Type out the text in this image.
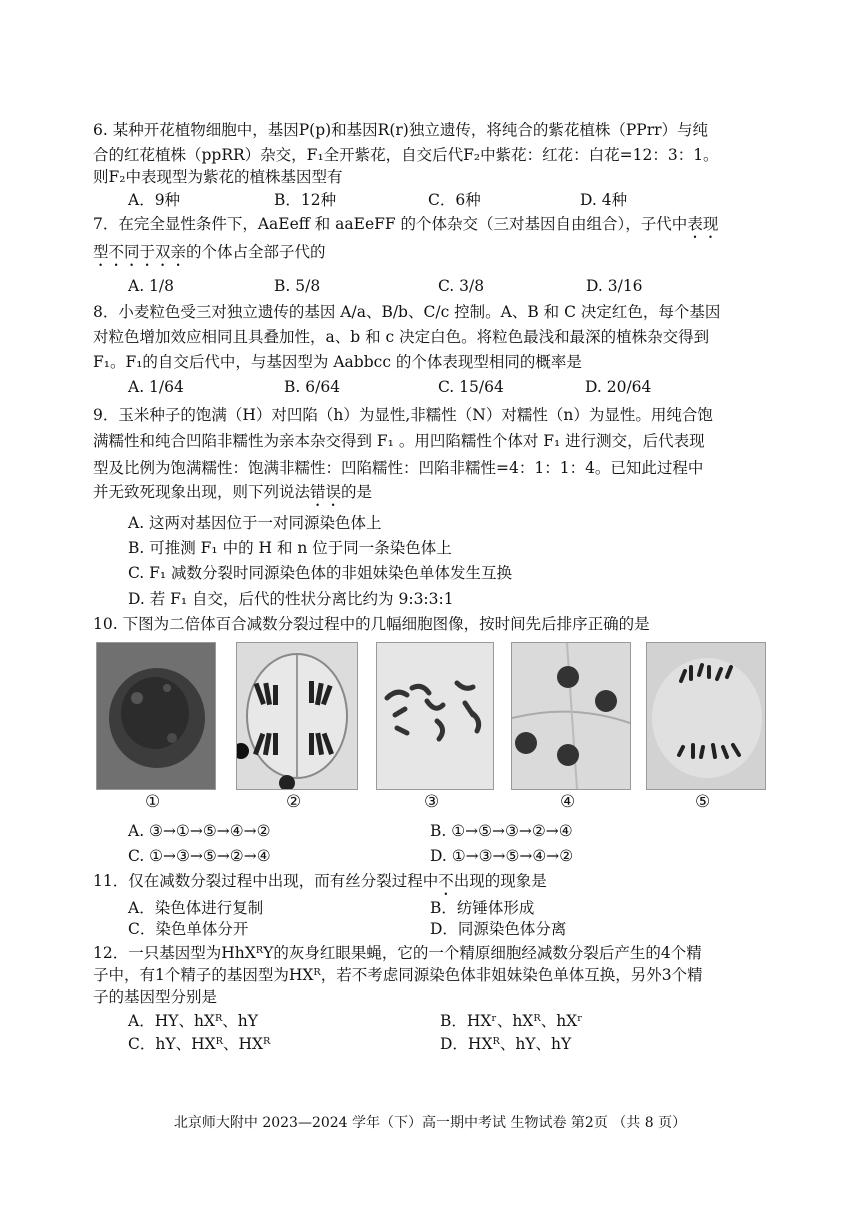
6. 某种开花植物细胞中，基因P(p)和基因R(r)独立遗传，将纯合的紫花植株（PPrr）与纯
合的红花植株（ppRR）杂交，F₁全开紫花，自交后代F₂中紫花：红花：白花=12：3：1。
则F₂中表现型为紫花的植株基因型有
A．9种	B．12种	C．6种	D. 4种
7．在完全显性条件下，AaEeff 和 aaEeFF 的个体杂交（三对基因自由组合），子代中表现
型不同于双亲的个体占全部子代的
A. 1/8	B. 5/8	C. 3/8	D. 3/16
8．小麦粒色受三对独立遗传的基因 A/a、B/b、C/c 控制。A、B 和 C 决定红色，每个基因
对粒色增加效应相同且具叠加性，a、b 和 c 决定白色。将粒色最浅和最深的植株杂交得到
F₁。F₁的自交后代中，与基因型为 Aabbcc 的个体表现型相同的概率是
A. 1/64	B. 6/64	C. 15/64	D. 20/64
9．玉米种子的饱满（H）对凹陷（h）为显性,非糯性（N）对糯性（n）为显性。用纯合饱
满糯性和纯合凹陷非糯性为亲本杂交得到 F₁ 。用凹陷糯性个体对 F₁ 进行测交，后代表现
型及比例为饱满糯性：饱满非糯性：凹陷糯性：凹陷非糯性=4：1：1：4。已知此过程中
并无致死现象出现，则下列说法错误的是
A. 这两对基因位于一对同源染色体上
B. 可推测 F₁ 中的 H 和 n 位于同一条染色体上
C. F₁ 减数分裂时同源染色体的非姐妹染色单体发生互换
D. 若 F₁ 自交，后代的性状分离比约为 9:3:3:1
10. 下图为二倍体百合减数分裂过程中的几幅细胞图像，按时间先后排序正确的是
①	②	③	④	⑤
A. ③→①→⑤→④→②	B. ①→⑤→③→②→④
C. ①→③→⑤→②→④	D. ①→③→⑤→④→②
11．仅在减数分裂过程中出现，而有丝分裂过程中不出现的现象是
A．染色体进行复制	B．纺锤体形成
C．染色单体分开	D．同源染色体分离
12．一只基因型为HhXᴿY的灰身红眼果蝇，它的一个精原细胞经减数分裂后产生的4个精
子中，有1个精子的基因型为HXᴿ，若不考虑同源染色体非姐妹染色单体互换，另外3个精
子的基因型分别是
A．HY、hXᴿ、hY	B．HXʳ、hXᴿ、hXʳ
C．hY、HXᴿ、HXᴿ	D．HXᴿ、hY、hY
北京师大附中 2023—2024 学年（下）高一期中考试 生物试卷 第2页 （共 8 页）
